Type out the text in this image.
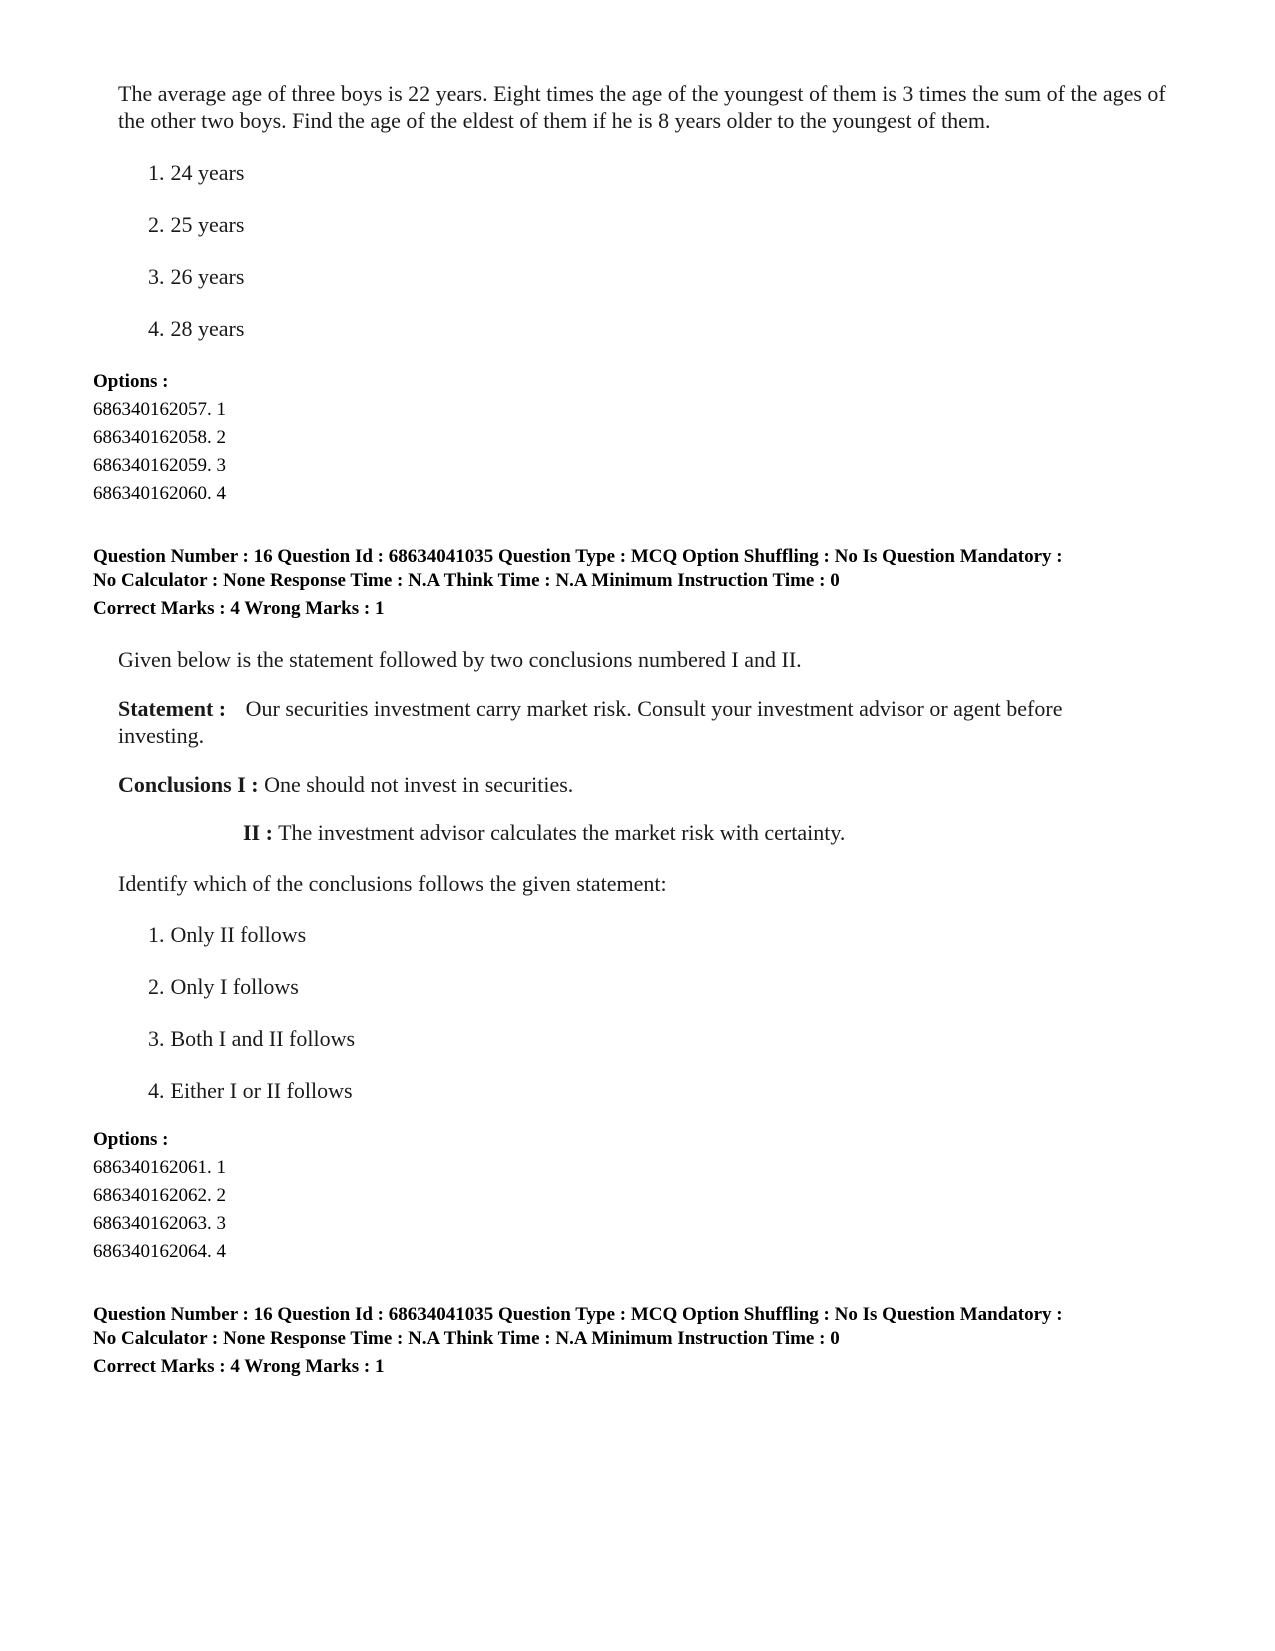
The average age of three boys is 22 years. Eight times the age of the youngest of them is 3 times the sum of the ages of the other two boys. Find the age of the eldest of them if he is 8 years older to the youngest of them.
1. 24 years
2. 25 years
3. 26 years
4. 28 years
Options :
686340162057. 1
686340162058. 2
686340162059. 3
686340162060. 4
Question Number : 16 Question Id : 68634041035 Question Type : MCQ Option Shuffling : No Is Question Mandatory :
No Calculator : None Response Time : N.A Think Time : N.A Minimum Instruction Time : 0
Correct Marks : 4 Wrong Marks : 1
Given below is the statement followed by two conclusions numbered I and II.
Statement : Our securities investment carry market risk. Consult your investment advisor or agent before
investing.
Conclusions I : One should not invest in securities.
II : The investment advisor calculates the market risk with certainty.
Identify which of the conclusions follows the given statement:
1. Only II follows
2. Only I follows
3. Both I and II follows
4. Either I or II follows
Options :
686340162061. 1
686340162062. 2
686340162063. 3
686340162064. 4
Question Number : 16 Question Id : 68634041035 Question Type : MCQ Option Shuffling : No Is Question Mandatory :
No Calculator : None Response Time : N.A Think Time : N.A Minimum Instruction Time : 0
Correct Marks : 4 Wrong Marks : 1
